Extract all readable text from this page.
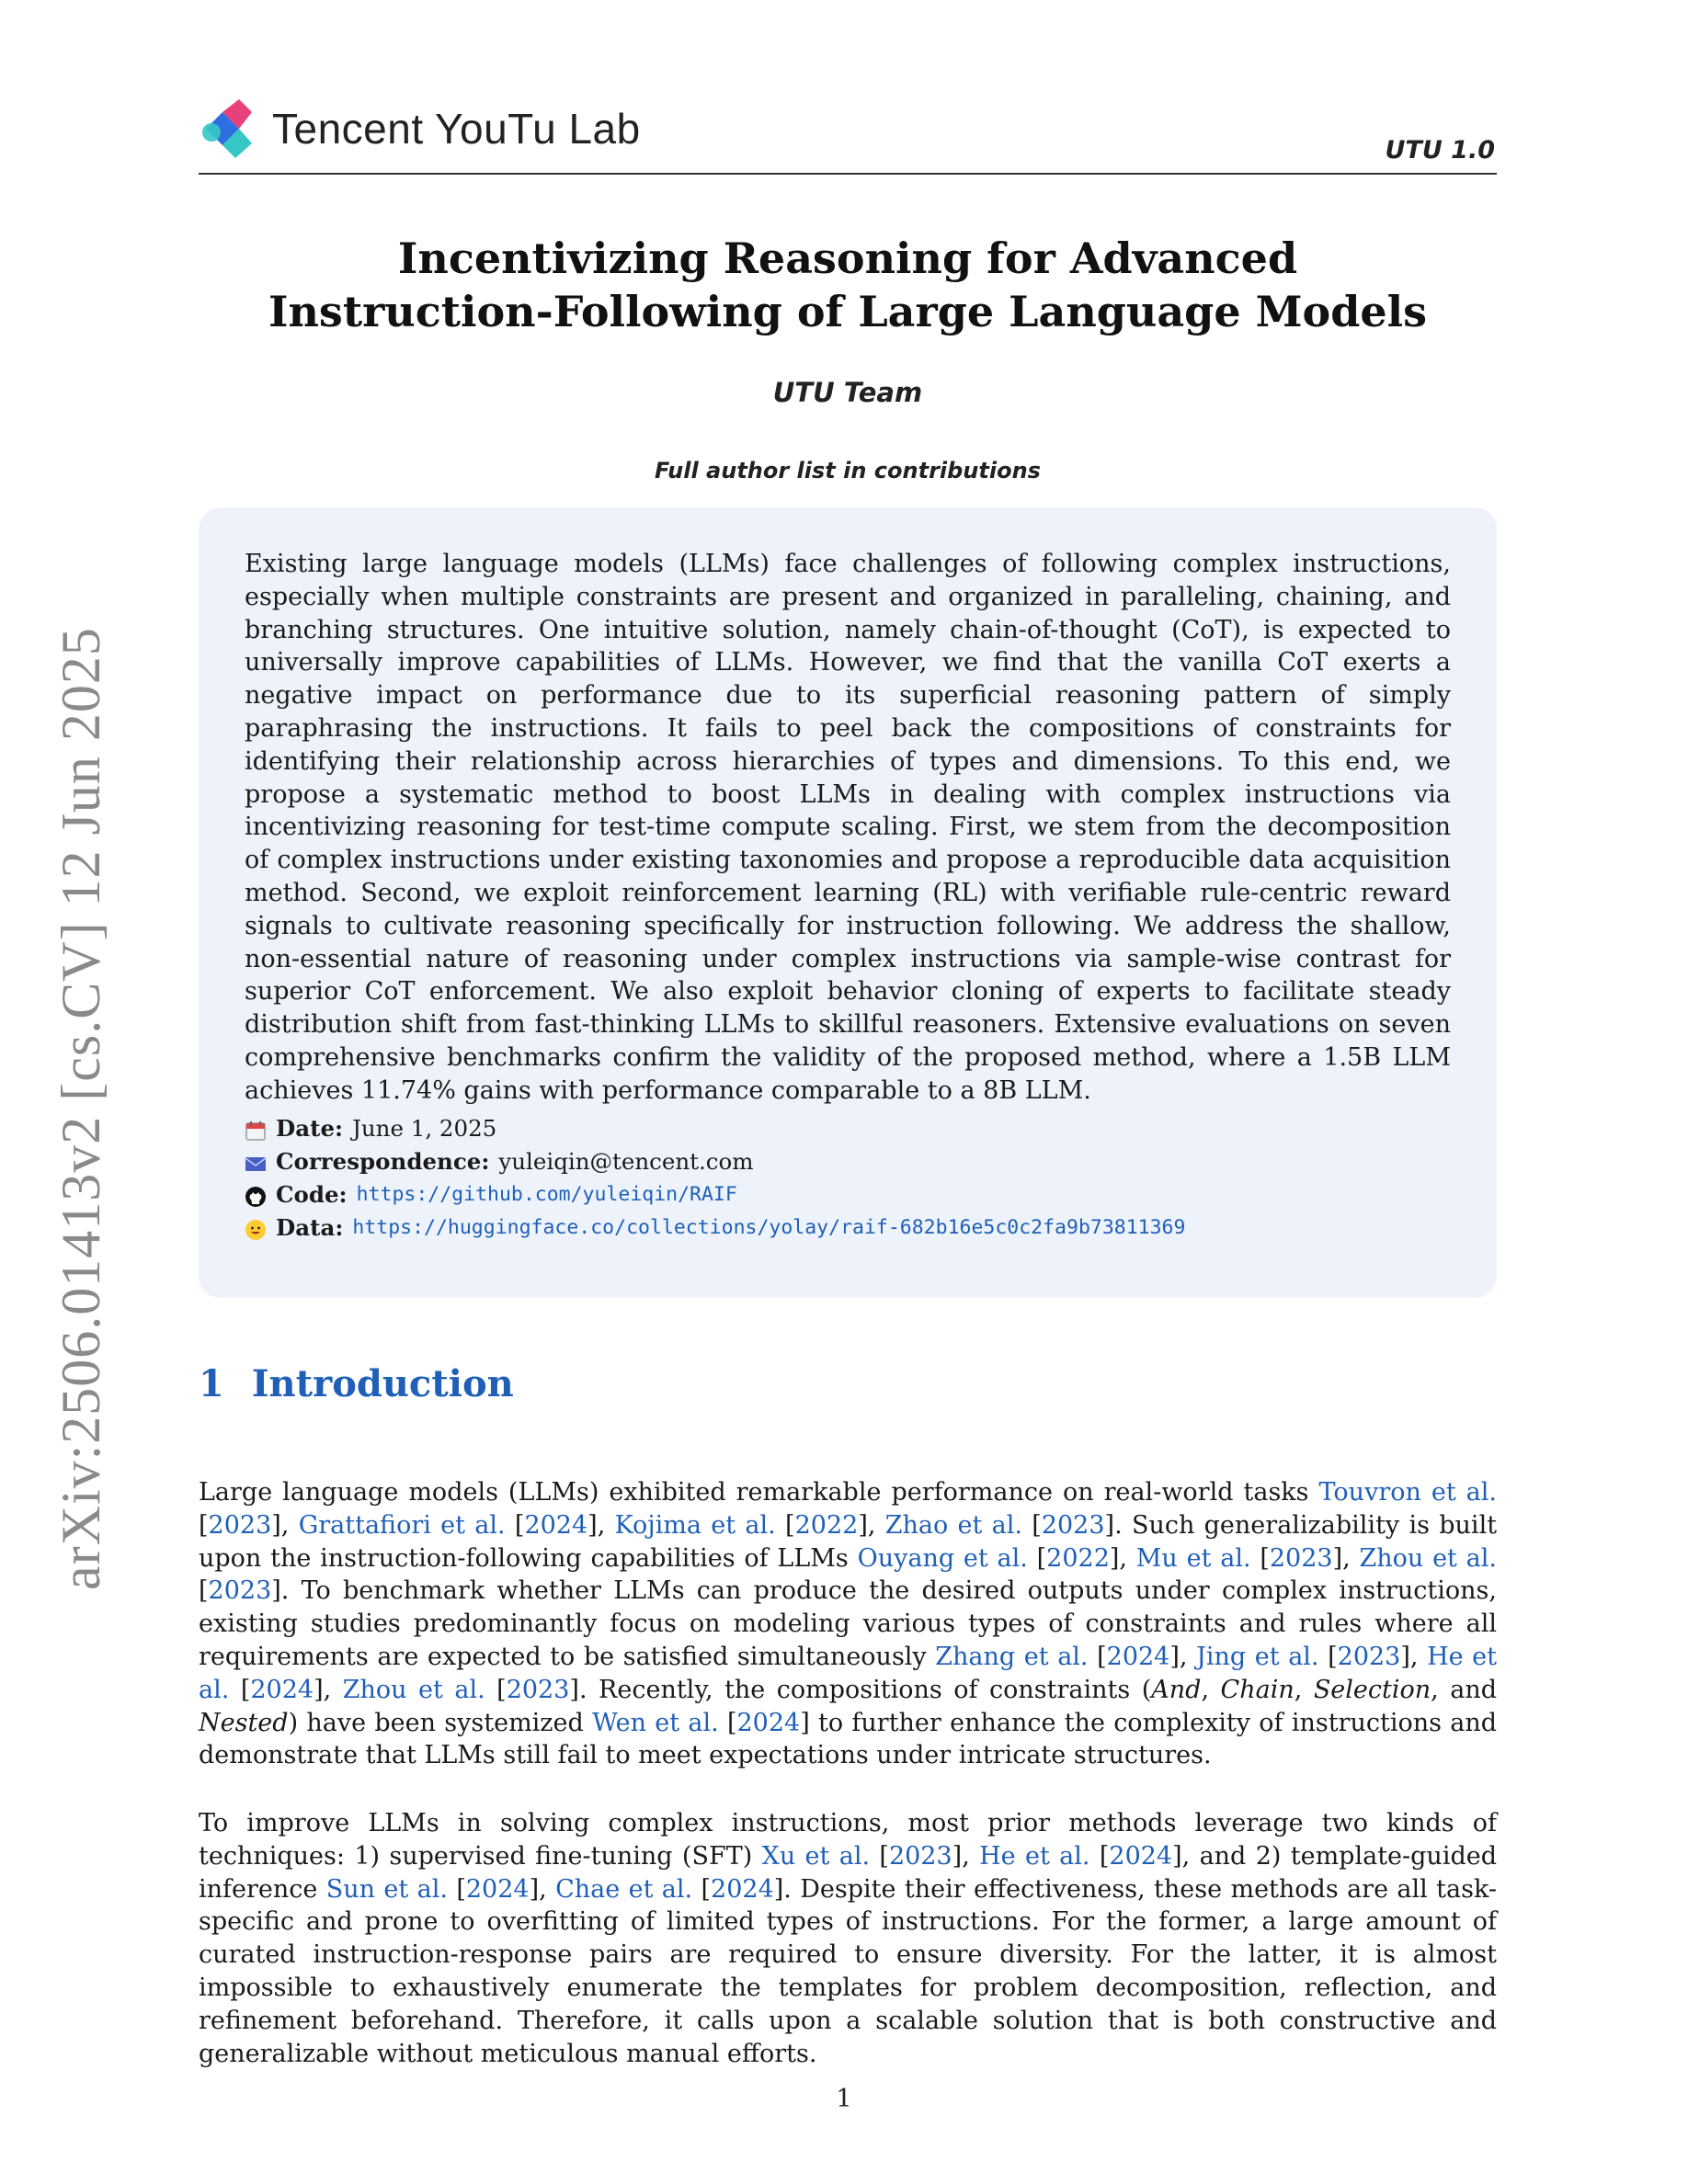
arXiv:2506.01413v2 [cs.CV] 12 Jun 2025
Tencent YouTu Lab	UTU 1.0
Incentivizing Reasoning for Advanced
Instruction-Following of Large Language Models
UTU Team
Full author list in contributions
Existing large language models (LLMs) face challenges of following complex instructions, especially when multiple constraints are present and organized in paralleling, chaining, and branching structures. One intuitive solution, namely chain-of-thought (CoT), is expected to universally improve capabilities of LLMs. However, we find that the vanilla CoT exerts a negative impact on performance due to its superficial reasoning pattern of simply paraphrasing the instructions. It fails to peel back the compositions of constraints for identifying their relationship across hierarchies of types and dimensions. To this end, we propose a systematic method to boost LLMs in dealing with complex instructions via incentivizing reasoning for test-time compute scaling. First, we stem from the decomposition of complex instructions under existing taxonomies and propose a reproducible data acquisition method. Second, we exploit reinforcement learning (RL) with verifiable rule-centric reward signals to cultivate reasoning specifically for instruction following. We address the shallow, non-essential nature of reasoning under complex instructions via sample-wise contrast for superior CoT enforcement. We also exploit behavior cloning of experts to facilitate steady distribution shift from fast-thinking LLMs to skillful reasoners. Extensive evaluations on seven comprehensive benchmarks confirm the validity of the proposed method, where a 1.5B LLM achieves 11.74% gains with performance comparable to a 8B LLM.
Date: June 1, 2025
Correspondence: yuleiqin@tencent.com
Code: https://github.com/yuleiqin/RAIF
Data: https://huggingface.co/collections/yolay/raif-682b16e5c0c2fa9b73811369
1 Introduction
Large language models (LLMs) exhibited remarkable performance on real-world tasks Touvron et al. [2023], Grattafiori et al. [2024], Kojima et al. [2022], Zhao et al. [2023]. Such generalizability is built upon the instruction-following capabilities of LLMs Ouyang et al. [2022], Mu et al. [2023], Zhou et al. [2023]. To benchmark whether LLMs can produce the desired outputs under complex instructions, existing studies predominantly focus on modeling various types of constraints and rules where all requirements are expected to be satisfied simultaneously Zhang et al. [2024], Jing et al. [2023], He et al. [2024], Zhou et al. [2023]. Recently, the compositions of constraints (And, Chain, Selection, and Nested) have been systemized Wen et al. [2024] to further enhance the complexity of instructions and demonstrate that LLMs still fail to meet expectations under intricate structures.
To improve LLMs in solving complex instructions, most prior methods leverage two kinds of techniques: 1) supervised fine-tuning (SFT) Xu et al. [2023], He et al. [2024], and 2) template-guided inference Sun et al. [2024], Chae et al. [2024]. Despite their effectiveness, these methods are all task-specific and prone to overfitting of limited types of instructions. For the former, a large amount of curated instruction-response pairs are required to ensure diversity. For the latter, it is almost impossible to exhaustively enumerate the templates for problem decomposition, reflection, and refinement beforehand. Therefore, it calls upon a scalable solution that is both constructive and generalizable without meticulous manual efforts.
1
